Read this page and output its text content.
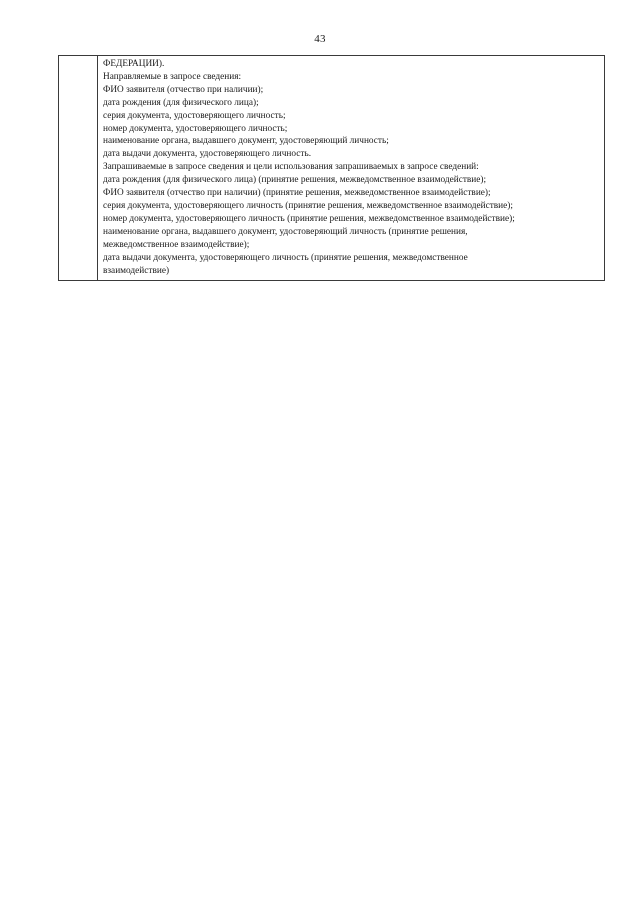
43

ФЕДЕРАЦИИ).
Направляемые в запросе сведения:
ФИО заявителя (отчество при наличии);
дата рождения (для физического лица);
серия документа, удостоверяющего личность;
номер документа, удостоверяющего личность;
наименование органа, выдавшего документ, удостоверяющий личность;
дата выдачи документа, удостоверяющего личность.
Запрашиваемые в запросе сведения и цели использования запрашиваемых в запросе сведений:
дата рождения (для физического лица) (принятие решения, межведомственное взаимодействие);
ФИО заявителя (отчество при наличии) (принятие решения, межведомственное взаимодействие);
серия документа, удостоверяющего личность (принятие решения, межведомственное взаимодействие);
номер документа, удостоверяющего личность (принятие решения, межведомственное взаимодействие);
наименование органа, выдавшего документ, удостоверяющий личность (принятие решения,
межведомственное взаимодействие);
дата выдачи документа, удостоверяющего личность (принятие решения, межведомственное
взаимодействие)
